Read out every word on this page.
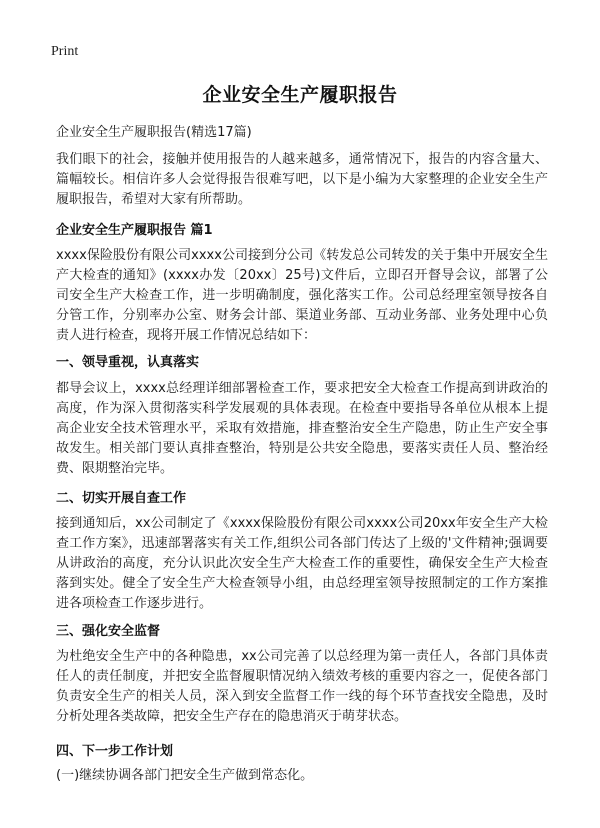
Print
企业安全生产履职报告
企业安全生产履职报告(精选17篇)

我们眼下的社会，接触并使用报告的人越来越多，通常情况下，报告的内容含量大、篇幅较长。相信许多人会觉得报告很难写吧，以下是小编为大家整理的企业安全生产履职报告，希望对大家有所帮助。

企业安全生产履职报告 篇1

xxxx保险股份有限公司xxxx公司接到分公司《转发总公司转发的关于集中开展安全生产大检查的通知》(xxxx办发〔20xx〕25号)文件后，立即召开督导会议，部署了公司安全生产大检查工作，进一步明确制度，强化落实工作。公司总经理室领导按各自分管工作，分别率办公室、财务会计部、渠道业务部、互动业务部、业务处理中心负责人进行检查，现将开展工作情况总结如下：

一、领导重视，认真落实

都导会议上，xxxx总经理详细部署检查工作，要求把安全大检查工作提高到讲政治的高度，作为深入贯彻落实科学发展观的具体表现。在检查中要指导各单位从根本上提高企业安全技术管理水平，采取有效措施，排查整治安全生产隐患，防止生产安全事故发生。相关部门要认真排查整治，特别是公共安全隐患，要落实责任人员、整治经费、限期整治完毕。

二、切实开展自查工作

接到通知后，xx公司制定了《xxxx保险股份有限公司xxxx公司20xx年安全生产大检查工作方案》，迅速部署落实有关工作,组织公司各部门传达了上级的'文件精神;强调要从讲政治的高度，充分认识此次安全生产大检查工作的重要性，确保安全生产大检查落到实处。健全了安全生产大检查领导小组，由总经理室领导按照制定的工作方案推进各项检查工作逐步进行。

三、强化安全监督

为杜绝安全生产中的各种隐患，xx公司完善了以总经理为第一责任人，各部门具体责任人的责任制度，并把安全监督履职情况纳入绩效考核的重要内容之一，促使各部门负责安全生产的相关人员，深入到安全监督工作一线的每个环节查找安全隐患，及时分析处理各类故障，把安全生产存在的隐患消灭于萌芽状态。

四、下一步工作计划

(一)继续协调各部门把安全生产做到常态化。
